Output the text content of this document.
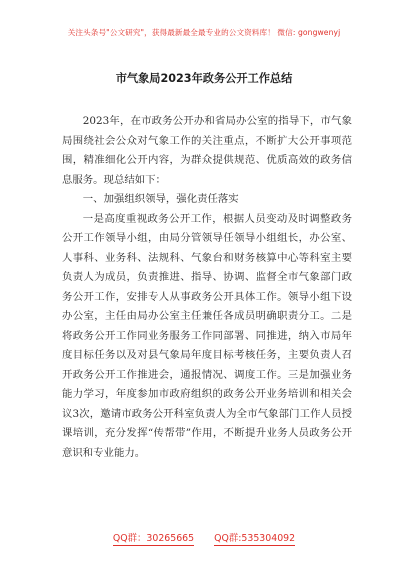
关注头条号"公文研究"，获得最新最全最专业的公文资料库！ 微信: gongwenyj
市气象局2023年政务公开工作总结

2023年，在市政务公开办和省局办公室的指导下，市气象局围绕社会公众对气象工作的关注重点，不断扩大公开事项范围，精准细化公开内容，为群众提供规范、优质高效的政务信息服务。现总结如下：

一、加强组织领导，强化责任落实

一是高度重视政务公开工作，根据人员变动及时调整政务公开工作领导小组，由局分管领导任领导小组组长，办公室、人事科、业务科、法规科、气象台和财务核算中心等科室主要负责人为成员，负责推进、指导、协调、监督全市气象部门政务公开工作，安排专人从事政务公开具体工作。领导小组下设办公室，主任由局办公室主任兼任各成员明确职责分工。二是将政务公开工作同业务服务工作同部署、同推进，纳入市局年度目标任务以及对县气象局年度目标考核任务，主要负责人召开政务公开工作推进会，通报情况、调度工作。三是加强业务能力学习，年度参加市政府组织的政务公开业务培训和相关会议3次，邀请市政务公开科室负责人为全市气象部门工作人员授课培训，充分发挥“传帮带”作用，不断提升业务人员政务公开意识和专业能力。

QQ群：30265665 QQ群:535304092
